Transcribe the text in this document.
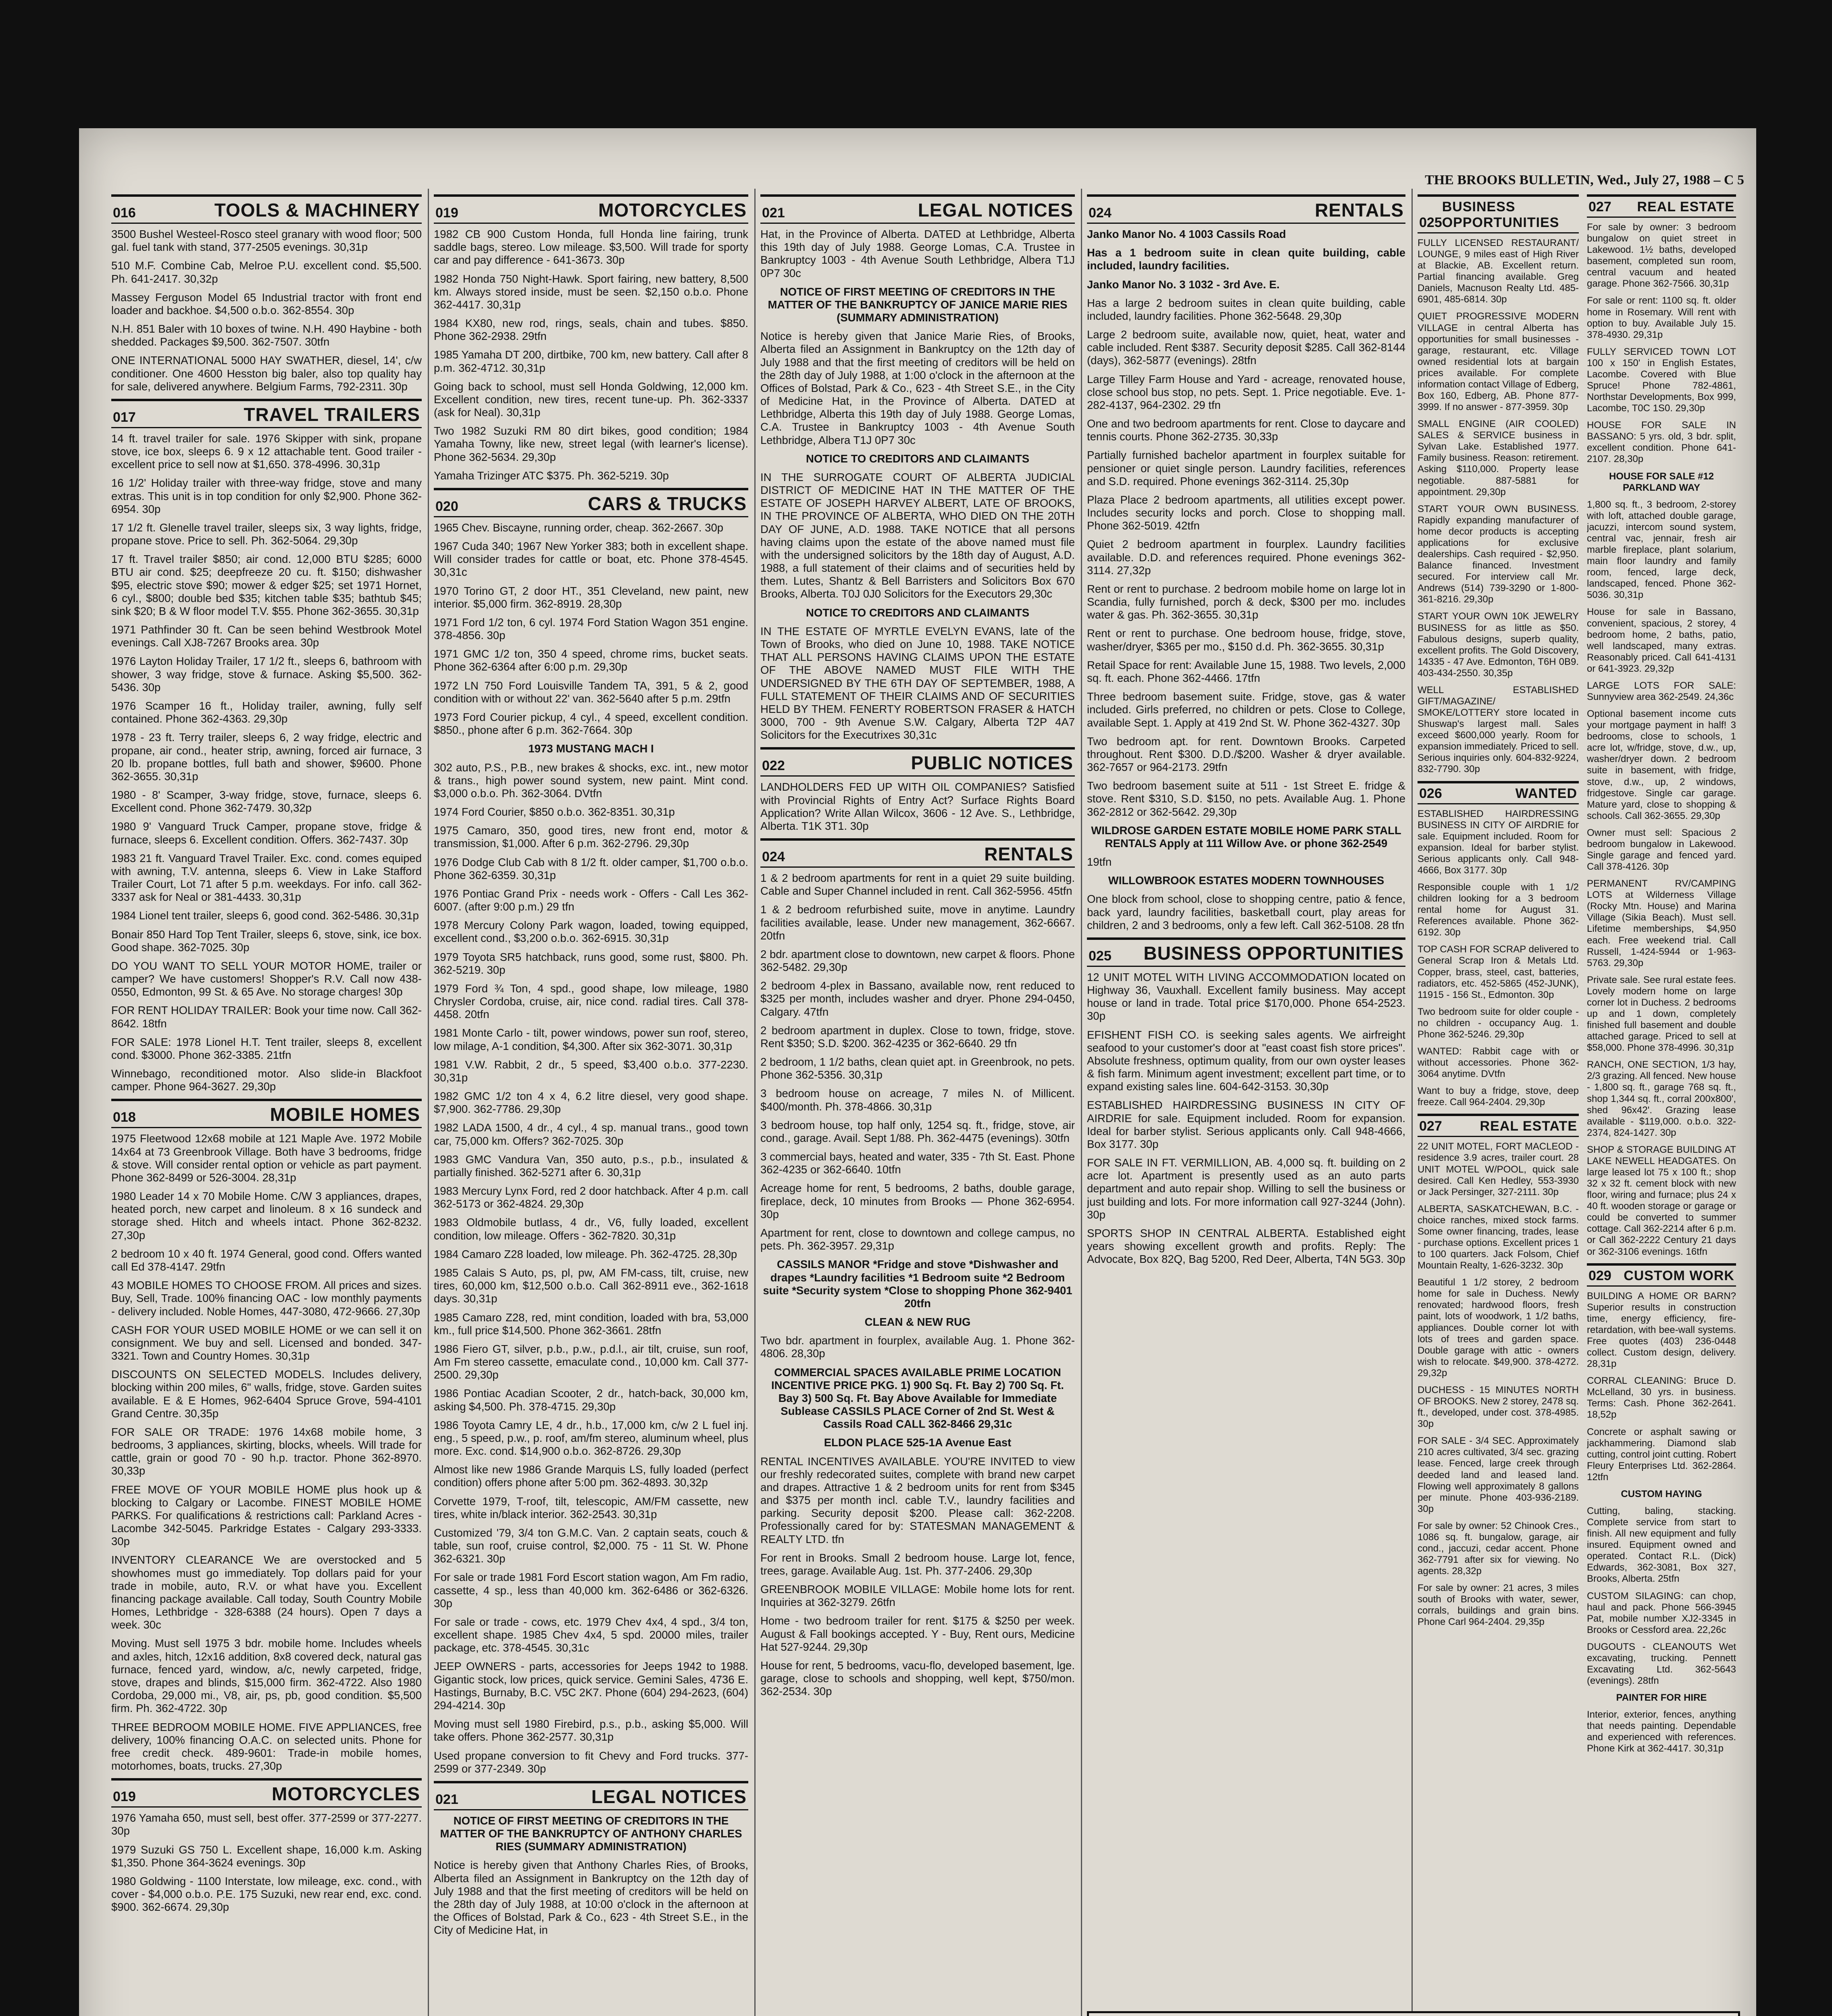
THE BROOKS BULLETIN, Wed., July 27, 1988 – C 5
016	TOOLS & MACHINERY

3500 Bushel Westeel-Rosco steel granary with wood floor; 500 gal. fuel tank with stand, 377-2505 evenings. 30,31p

510 M.F. Combine Cab, Melroe P.U. excellent cond. $5,500. Ph. 641-2417. 30,32p

Massey Ferguson Model 65 Industrial tractor with front end loader and backhoe. $4,500 o.b.o. 362-8554. 30p

N.H. 851 Baler with 10 boxes of twine. N.H. 490 Haybine - both shedded. Packages $9,500. 362-7507. 30tfn

ONE INTERNATIONAL 5000 HAY SWATHER, diesel, 14', c/w conditioner. One 4600 Hesston big baler, also top quality hay for sale, delivered anywhere. Belgium Farms, 792-2311. 30p

017	TRAVEL TRAILERS

14 ft. travel trailer for sale. 1976 Skipper with sink, propane stove, ice box, sleeps 6. 9 x 12 attachable tent. Good trailer - excellent price to sell now at $1,650. 378-4996. 30,31p

16 1/2' Holiday trailer with three-way fridge, stove and many extras. This unit is in top condition for only $2,900. Phone 362-6954. 30p

17 1/2 ft. Glenelle travel trailer, sleeps six, 3 way lights, fridge, propane stove. Price to sell. Ph. 362-5064. 29,30p

17 ft. Travel trailer $850; air cond. 12,000 BTU $285; 6000 BTU air cond. $25; deepfreeze 20 cu. ft. $150; dishwasher $95, electric stove $90; mower & edger $25; set 1971 Hornet, 6 cyl., $800; double bed $35; kitchen table $35; bathtub $45; sink $20; B & W floor model T.V. $55. Phone 362-3655. 30,31p

1971 Pathfinder 30 ft. Can be seen behind Westbrook Motel evenings. Call XJ8-7267 Brooks area. 30p

1976 Layton Holiday Trailer, 17 1/2 ft., sleeps 6, bathroom with shower, 3 way fridge, stove & furnace. Asking $5,500. 362-5436. 30p

1976 Scamper 16 ft., Holiday trailer, awning, fully self contained. Phone 362-4363. 29,30p

1978 - 23 ft. Terry trailer, sleeps 6, 2 way fridge, electric and propane, air cond., heater strip, awning, forced air furnace, 3 20 lb. propane bottles, full bath and shower, $9600. Phone 362-3655. 30,31p

1980 - 8' Scamper, 3-way fridge, stove, furnace, sleeps 6. Excellent cond. Phone 362-7479. 30,32p

1980 9' Vanguard Truck Camper, propane stove, fridge & furnace, sleeps 6. Excellent condition. Offers. 362-7437. 30p

1983 21 ft. Vanguard Travel Trailer. Exc. cond. comes equiped with awning, T.V. antenna, sleeps 6. View in Lake Stafford Trailer Court, Lot 71 after 5 p.m. weekdays. For info. call 362-3337 ask for Neal or 381-4433. 30,31p

1984 Lionel tent trailer, sleeps 6, good cond. 362-5486. 30,31p

Bonair 850 Hard Top Tent Trailer, sleeps 6, stove, sink, ice box. Good shape. 362-7025. 30p

DO YOU WANT TO SELL YOUR MOTOR HOME, trailer or camper? We have customers! Shopper's R.V. Call now 438-0550, Edmonton, 99 St. & 65 Ave. No storage charges! 30p

FOR RENT HOLIDAY TRAILER: Book your time now. Call 362-8642. 18tfn

FOR SALE: 1978 Lionel H.T. Tent trailer, sleeps 8, excellent cond. $3000. Phone 362-3385. 21tfn

Winnebago, reconditioned motor. Also slide-in Blackfoot camper. Phone 964-3627. 29,30p

018	MOBILE HOMES

1975 Fleetwood 12x68 mobile at 121 Maple Ave. 1972 Mobile 14x64 at 73 Greenbrook Village. Both have 3 bedrooms, fridge & stove. Will consider rental option or vehicle as part payment. Phone 362-8499 or 526-3004. 28,31p

1980 Leader 14 x 70 Mobile Home. C/W 3 appliances, drapes, heated porch, new carpet and linoleum. 8 x 16 sundeck and storage shed. Hitch and wheels intact. Phone 362-8232. 27,30p

2 bedroom 10 x 40 ft. 1974 General, good cond. Offers wanted call Ed 378-4147. 29tfn

43 MOBILE HOMES TO CHOOSE FROM. All prices and sizes. Buy, Sell, Trade. 100% financing OAC - low monthly payments - delivery included. Noble Homes, 447-3080, 472-9666. 27,30p

CASH FOR YOUR USED MOBILE HOME or we can sell it on consignment. We buy and sell. Licensed and bonded. 347-3321. Town and Country Homes. 30,31p

DISCOUNTS ON SELECTED MODELS. Includes delivery, blocking within 200 miles, 6" walls, fridge, stove. Garden suites available. E & E Homes, 962-6404 Spruce Grove, 594-4101 Grand Centre. 30,35p

FOR SALE OR TRADE: 1976 14x68 mobile home, 3 bedrooms, 3 appliances, skirting, blocks, wheels. Will trade for cattle, grain or good 70 - 90 h.p. tractor. Phone 362-8970. 30,33p

FREE MOVE OF YOUR MOBILE HOME plus hook up & blocking to Calgary or Lacombe. FINEST MOBILE HOME PARKS. For qualifications & restrictions call: Parkland Acres - Lacombe 342-5045. Parkridge Estates - Calgary 293-3333. 30p

INVENTORY CLEARANCE We are overstocked and 5 showhomes must go immediately. Top dollars paid for your trade in mobile, auto, R.V. or what have you. Excellent financing package available. Call today, South Country Mobile Homes, Lethbridge - 328-6388 (24 hours). Open 7 days a week. 30c

Moving. Must sell 1975 3 bdr. mobile home. Includes wheels and axles, hitch, 12x16 addition, 8x8 covered deck, natural gas furnace, fenced yard, window, a/c, newly carpeted, fridge, stove, drapes and blinds, $15,000 firm. 362-4722. Also 1980 Cordoba, 29,000 mi., V8, air, ps, pb, good condition. $5,500 firm. Ph. 362-4722. 30p

THREE BEDROOM MOBILE HOME. FIVE APPLIANCES, free delivery, 100% financing O.A.C. on selected units. Phone for free credit check. 489-9601: Trade-in mobile homes, motorhomes, boats, trucks. 27,30p

019	MOTORCYCLES

1976 Yamaha 650, must sell, best offer. 377-2599 or 377-2277. 30p

1979 Suzuki GS 750 L. Excellent shape, 16,000 k.m. Asking $1,350. Phone 364-3624 evenings. 30p

1980 Goldwing - 1100 Interstate, low mileage, exc. cond., with cover - $4,000 o.b.o. P.E. 175 Suzuki, new rear end, exc. cond. $900. 362-6674. 29,30p

019	MOTORCYCLES

1982 CB 900 Custom Honda, full Honda line fairing, trunk saddle bags, stereo. Low mileage. $3,500. Will trade for sporty car and pay difference - 641-3673. 30p

1982 Honda 750 Night-Hawk. Sport fairing, new battery, 8,500 km. Always stored inside, must be seen. $2,150 o.b.o. Phone 362-4417. 30,31p

1984 KX80, new rod, rings, seals, chain and tubes. $850. Phone 362-2938. 29tfn

1985 Yamaha DT 200, dirtbike, 700 km, new battery. Call after 8 p.m. 362-4712. 30,31p

Going back to school, must sell Honda Goldwing, 12,000 km. Excellent condition, new tires, recent tune-up. Ph. 362-3337 (ask for Neal). 30,31p

Two 1982 Suzuki RM 80 dirt bikes, good condition; 1984 Yamaha Towny, like new, street legal (with learner's license). Phone 362-5634. 29,30p

Yamaha Trizinger ATC $375. Ph. 362-5219. 30p

020	CARS & TRUCKS

1965 Chev. Biscayne, running order, cheap. 362-2667. 30p

1967 Cuda 340; 1967 New Yorker 383; both in excellent shape. Will consider trades for cattle or boat, etc. Phone 378-4545. 30,31c

1970 Torino GT, 2 door HT., 351 Cleveland, new paint, new interior. $5,000 firm. 362-8919. 28,30p

1971 Ford 1/2 ton, 6 cyl. 1974 Ford Station Wagon 351 engine. 378-4856. 30p

1971 GMC 1/2 ton, 350 4 speed, chrome rims, bucket seats. Phone 362-6364 after 6:00 p.m. 29,30p

1972 LN 750 Ford Louisville Tandem TA, 391, 5 & 2, good condition with or without 22' van. 362-5640 after 5 p.m. 29tfn

1973 Ford Courier pickup, 4 cyl., 4 speed, excellent condition. $850., phone after 6 p.m. 362-7664. 30p

1973 MUSTANG MACH I

302 auto, P.S., P.B., new brakes & shocks, exc. int., new motor & trans., high power sound system, new paint. Mint cond. $3,000 o.b.o. Ph. 362-3064. DVtfn

1974 Ford Courier, $850 o.b.o. 362-8351. 30,31p

1975 Camaro, 350, good tires, new front end, motor & transmission, $1,000. After 6 p.m. 362-2796. 29,30p

1976 Dodge Club Cab with 8 1/2 ft. older camper, $1,700 o.b.o. Phone 362-6359. 30,31p

1976 Pontiac Grand Prix - needs work - Offers - Call Les 362-6007. (after 9:00 p.m.) 29 tfn

1978 Mercury Colony Park wagon, loaded, towing equipped, excellent cond., $3,200 o.b.o. 362-6915. 30,31p

1979 Toyota SR5 hatchback, runs good, some rust, $800. Ph. 362-5219. 30p

1979 Ford ¾ Ton, 4 spd., good shape, low mileage, 1980 Chrysler Cordoba, cruise, air, nice cond. radial tires. Call 378-4458. 20tfn

1981 Monte Carlo - tilt, power windows, power sun roof, stereo, low milage, A-1 condition, $4,300. After six 362-3071. 30,31p

1981 V.W. Rabbit, 2 dr., 5 speed, $3,400 o.b.o. 377-2230. 30,31p

1982 GMC 1/2 ton 4 x 4, 6.2 litre diesel, very good shape. $7,900. 362-7786. 29,30p

1982 LADA 1500, 4 dr., 4 cyl., 4 sp. manual trans., good town car, 75,000 km. Offers? 362-7025. 30p

1983 GMC Vandura Van, 350 auto, p.s., p.b., insulated & partially finished. 362-5271 after 6. 30,31p

1983 Mercury Lynx Ford, red 2 door hatchback. After 4 p.m. call 362-5173 or 362-4824. 29,30p

1983 Oldmobile butlass, 4 dr., V6, fully loaded, excellent condition, low mileage. Offers - 362-7820. 30,31p

1984 Camaro Z28 loaded, low mileage. Ph. 362-4725. 28,30p

1985 Calais S Auto, ps, pl, pw, AM FM-cass, tilt, cruise, new tires, 60,000 km, $12,500 o.b.o. Call 362-8911 eve., 362-1618 days. 30,31p

1985 Camaro Z28, red, mint condition, loaded with bra, 53,000 km., full price $14,500. Phone 362-3661. 28tfn

1986 Fiero GT, silver, p.b., p.w., p.d.l., air tilt, cruise, sun roof, Am Fm stereo cassette, emaculate cond., 10,000 km. Call 377-2500. 29,30p

1986 Pontiac Acadian Scooter, 2 dr., hatch-back, 30,000 km, asking $4,500. Ph. 378-4715. 29,30p

1986 Toyota Camry LE, 4 dr., h.b., 17,000 km, c/w 2 L fuel inj. eng., 5 speed, p.w., p. roof, am/fm stereo, aluminum wheel, plus more. Exc. cond. $14,900 o.b.o. 362-8726. 29,30p

Almost like new 1986 Grande Marquis LS, fully loaded (perfect condition) offers phone after 5:00 pm. 362-4893. 30,32p

Corvette 1979, T-roof, tilt, telescopic, AM/FM cassette, new tires, white in/black interior. 362-2543. 30,31p

Customized '79, 3/4 ton G.M.C. Van. 2 captain seats, couch & table, sun roof, cruise control, $2,000. 75 - 11 St. W. Phone 362-6321. 30p

For sale or trade 1981 Ford Escort station wagon, Am Fm radio, cassette, 4 sp., less than 40,000 km. 362-6486 or 362-6326. 30p

For sale or trade - cows, etc. 1979 Chev 4x4, 4 spd., 3/4 ton, excellent shape. 1985 Chev 4x4, 5 spd. 20000 miles, trailer package, etc. 378-4545. 30,31c

JEEP OWNERS - parts, accessories for Jeeps 1942 to 1988. Gigantic stock, low prices, quick service. Gemini Sales, 4736 E. Hastings, Burnaby, B.C. V5C 2K7. Phone (604) 294-2623, (604) 294-4214. 30p

Moving must sell 1980 Firebird, p.s., p.b., asking $5,000. Will take offers. Phone 362-2577. 30,31p

Used propane conversion to fit Chevy and Ford trucks. 377-2599 or 377-2349. 30p

021	LEGAL NOTICES

NOTICE OF FIRST MEETING OF CREDITORS IN THE MATTER OF THE BANKRUPTCY OF ANTHONY CHARLES RIES (SUMMARY ADMINISTRATION)

Notice is hereby given that Anthony Charles Ries, of Brooks, Alberta filed an Assignment in Bankruptcy on the 12th day of July 1988 and that the first meeting of creditors will be held on the 28th day of July 1988, at 10:00 o'clock in the afternoon at the Offices of Bolstad, Park & Co., 623 - 4th Street S.E., in the City of Medicine Hat, in

021	LEGAL NOTICES

Hat, in the Province of Alberta. DATED at Lethbridge, Alberta this 19th day of July 1988. George Lomas, C.A. Trustee in Bankruptcy 1003 - 4th Avenue South Lethbridge, Albera T1J 0P7 30c

NOTICE OF FIRST MEETING OF CREDITORS IN THE MATTER OF THE BANKRUPTCY OF JANICE MARIE RIES (SUMMARY ADMINISTRATION)

Notice is hereby given that Janice Marie Ries, of Brooks, Alberta filed an Assignment in Bankruptcy on the 12th day of July 1988 and that the first meeting of creditors will be held on the 28th day of July 1988, at 1:00 o'clock in the afternoon at the Offices of Bolstad, Park & Co., 623 - 4th Street S.E., in the City of Medicine Hat, in the Province of Alberta. DATED at Lethbridge, Alberta this 19th day of July 1988. George Lomas, C.A. Trustee in Bankruptcy 1003 - 4th Avenue South Lethbridge, Albera T1J 0P7 30c

NOTICE TO CREDITORS AND CLAIMANTS

IN THE SURROGATE COURT OF ALBERTA JUDICIAL DISTRICT OF MEDICINE HAT IN THE MATTER OF THE ESTATE OF JOSEPH HARVEY ALBERT, LATE OF BROOKS, IN THE PROVINCE OF ALBERTA, WHO DIED ON THE 20TH DAY OF JUNE, A.D. 1988. TAKE NOTICE that all persons having claims upon the estate of the above named must file with the undersigned solicitors by the 18th day of August, A.D. 1988, a full statement of their claims and of securities held by them. Lutes, Shantz & Bell Barristers and Solicitors Box 670 Brooks, Alberta. T0J 0J0 Solicitors for the Executors 29,30c

NOTICE TO CREDITORS AND CLAIMANTS

IN THE ESTATE OF MYRTLE EVELYN EVANS, late of the Town of Brooks, who died on June 10, 1988. TAKE NOTICE THAT ALL PERSONS HAVING CLAIMS UPON THE ESTATE OF THE ABOVE NAMED MUST FILE WITH THE UNDERSIGNED BY THE 6TH DAY OF SEPTEMBER, 1988, A FULL STATEMENT OF THEIR CLAIMS AND OF SECURITIES HELD BY THEM. FENERTY ROBERTSON FRASER & HATCH 3000, 700 - 9th Avenue S.W. Calgary, Alberta T2P 4A7 Solicitors for the Executrixes 30,31c

022	PUBLIC NOTICES

LANDHOLDERS FED UP WITH OIL COMPANIES? Satisfied with Provincial Rights of Entry Act? Surface Rights Board Application? Write Allan Wilcox, 3606 - 12 Ave. S., Lethbridge, Alberta. T1K 3T1. 30p

024	RENTALS

1 & 2 bedroom apartments for rent in a quiet 29 suite building. Cable and Super Channel included in rent. Call 362-5956. 45tfn

1 & 2 bedroom refurbished suite, move in anytime. Laundry facilities available, lease. Under new management, 362-6667. 20tfn

2 bdr. apartment close to downtown, new carpet & floors. Phone 362-5482. 29,30p

2 bedroom 4-plex in Bassano, available now, rent reduced to $325 per month, includes washer and dryer. Phone 294-0450, Calgary. 47tfn

2 bedroom apartment in duplex. Close to town, fridge, stove. Rent $350; S.D. $200. 362-4235 or 362-6640. 29 tfn

2 bedroom, 1 1/2 baths, clean quiet apt. in Greenbrook, no pets. Phone 362-5356. 30,31p

3 bedroom house on acreage, 7 miles N. of Millicent. $400/month. Ph. 378-4866. 30,31p

3 bedroom house, top half only, 1254 sq. ft., fridge, stove, air cond., garage. Avail. Sept 1/88. Ph. 362-4475 (evenings). 30tfn

3 commercial bays, heated and water, 335 - 7th St. East. Phone 362-4235 or 362-6640. 10tfn

Acreage home for rent, 5 bedrooms, 2 baths, double garage, fireplace, deck, 10 minutes from Brooks — Phone 362-6954. 30p

Apartment for rent, close to downtown and college campus, no pets. Ph. 362-3957. 29,31p

CASSILS MANOR *Fridge and stove *Dishwasher and drapes *Laundry facilities *1 Bedroom suite *2 Bedroom suite *Security system *Close to shopping Phone 362-9401 20tfn

CLEAN & NEW RUG

Two bdr. apartment in fourplex, available Aug. 1. Phone 362-4806. 28,30p

COMMERCIAL SPACES AVAILABLE PRIME LOCATION INCENTIVE PRICE PKG. 1) 900 Sq. Ft. Bay 2) 700 Sq. Ft. Bay 3) 500 Sq. Ft. Bay Above Available for Immediate Sublease CASSILS PLACE Corner of 2nd St. West & Cassils Road CALL 362-8466 29,31c

ELDON PLACE 525-1A Avenue East

RENTAL INCENTIVES AVAILABLE. YOU'RE INVITED to view our freshly redecorated suites, complete with brand new carpet and drapes. Attractive 1 & 2 bedroom units for rent from $345 and $375 per month incl. cable T.V., laundry facilities and parking. Security deposit $200. Please call: 362-2208. Professionally cared for by: STATESMAN MANAGEMENT & REALTY LTD. tfn

For rent in Brooks. Small 2 bedroom house. Large lot, fence, trees, garage. Available Aug. 1st. Ph. 377-2406. 29,30p

GREENBROOK MOBILE VILLAGE: Mobile home lots for rent. Inquiries at 362-3279. 26tfn

Home - two bedroom trailer for rent. $175 & $250 per week. August & Fall bookings accepted. Y - Buy, Rent ours, Medicine Hat 527-9244. 29,30p

House for rent, 5 bedrooms, vacu-flo, developed basement, lge. garage, close to schools and shopping, well kept, $750/mon. 362-2534. 30p

024	RENTALS

Janko Manor No. 4 1003 Cassils Road

Has a 1 bedroom suite in clean quite building, cable included, laundry facilities.

Janko Manor No. 3 1032 - 3rd Ave. E.

Has a large 2 bedroom suites in clean quite building, cable included, laundry facilities. Phone 362-5648. 29,30p

Large 2 bedroom suite, available now, quiet, heat, water and cable included. Rent $387. Security deposit $285. Call 362-8144 (days), 362-5877 (evenings). 28tfn

Large Tilley Farm House and Yard - acreage, renovated house, close school bus stop, no pets. Sept. 1. Price negotiable. Eve. 1-282-4137, 964-2302. 29 tfn

One and two bedroom apartments for rent. Close to daycare and tennis courts. Phone 362-2735. 30,33p

Partially furnished bachelor apartment in fourplex suitable for pensioner or quiet single person. Laundry facilities, references and S.D. required. Phone evenings 362-3114. 25,30p

Plaza Place 2 bedroom apartments, all utilities except power. Includes security locks and porch. Close to shopping mall. Phone 362-5019. 42tfn

Quiet 2 bedroom apartment in fourplex. Laundry facilities available. D.D. and references required. Phone evenings 362-3114. 27,32p

Rent or rent to purchase. 2 bedroom mobile home on large lot in Scandia, fully furnished, porch & deck, $300 per mo. includes water & gas. Ph. 362-3655. 30,31p

Rent or rent to purchase. One bedroom house, fridge, stove, washer/dryer, $365 per mo., $150 d.d. Ph. 362-3655. 30,31p

Retail Space for rent: Available June 15, 1988. Two levels, 2,000 sq. ft. each. Phone 362-4466. 17tfn

Three bedroom basement suite. Fridge, stove, gas & water included. Girls preferred, no children or pets. Close to College, available Sept. 1. Apply at 419 2nd St. W. Phone 362-4327. 30p

Two bedroom apt. for rent. Downtown Brooks. Carpeted throughout. Rent $300. D.D./$200. Washer & dryer available. 362-7657 or 964-2173. 29tfn

Two bedroom basement suite at 511 - 1st Street E. fridge & stove. Rent $310, S.D. $150, no pets. Available Aug. 1. Phone 362-2812 or 362-5642. 29,30p

WILDROSE GARDEN ESTATE MOBILE HOME PARK STALL RENTALS Apply at 111 Willow Ave. or phone 362-2549

19tfn

WILLOWBROOK ESTATES MODERN TOWNHOUSES

One block from school, close to shopping centre, patio & fence, back yard, laundry facilities, basketball court, play areas for children, 2 and 3 bedrooms, only a few left. Call 362-5108. 28 tfn

025 BUSINESS OPPORTUNITIES

12 UNIT MOTEL WITH LIVING ACCOMMODATION located on Highway 36, Vauxhall. Excellent family business. May accept house or land in trade. Total price $170,000. Phone 654-2523. 30p

EFISHENT FISH CO. is seeking sales agents. We airfreight seafood to your customer's door at "east coast fish store prices". Absolute freshness, optimum quality, from our own oyster leases & fish farm. Minimum agent investment; excellent part time, or to expand existing sales line. 604-642-3153. 30,30p

ESTABLISHED HAIRDRESSING BUSINESS IN CITY OF AIRDRIE for sale. Equipment included. Room for expansion. Ideal for barber stylist. Serious applicants only. Call 948-4666, Box 3177. 30p

FOR SALE IN FT. VERMILLION, AB. 4,000 sq. ft. building on 2 acre lot. Apartment is presently used as an auto parts department and auto repair shop. Willing to sell the business or just building and lots. For more information call 927-3244 (John). 30p

SPORTS SHOP IN CENTRAL ALBERTA. Established eight years showing excellent growth and profits. Reply: The Advocate, Box 82Q, Bag 5200, Red Deer, Alberta, T4N 5G3. 30p

025
BUSINESS OPPORTUNITIES

FULLY LICENSED RESTAURANT/ LOUNGE, 9 miles east of High River at Blackie, AB. Excellent return. Partial financing available. Greg Daniels, Macnuson Realty Ltd. 485-6901, 485-6814. 30p

QUIET PROGRESSIVE MODERN VILLAGE in central Alberta has opportunities for small businesses - garage, restaurant, etc. Village owned residential lots at bargain prices available. For complete information contact Village of Edberg, Box 160, Edberg, AB. Phone 877-3999. If no answer - 877-3959. 30p

SMALL ENGINE (AIR COOLED) SALES & SERVICE business in Sylvan Lake. Established 1977. Family business. Reason: retirement. Asking $110,000. Property lease negotiable. 887-5881 for appointment. 29,30p

START YOUR OWN BUSINESS. Rapidly expanding manufacturer of home decor products is accepting applications for exclusive dealerships. Cash required - $2,950. Balance financed. Investment secured. For interview call Mr. Andrews (514) 739-3290 or 1-800-361-8216. 29,30p

START YOUR OWN 10K JEWELRY BUSINESS for as little as $50. Fabulous designs, superb quality, excellent profits. The Gold Discovery, 14335 - 47 Ave. Edmonton, T6H 0B9. 403-434-2550. 30,35p

WELL ESTABLISHED GIFT/MAGAZINE/ SMOKE/LOTTERY store located in Shuswap's largest mall. Sales exceed $600,000 yearly. Room for expansion immediately. Priced to sell. Serious inquiries only. 604-832-9224, 832-7790. 30p

026	WANTED

ESTABLISHED HAIRDRESSING BUSINESS IN CITY OF AIRDRIE for sale. Equipment included. Room for expansion. Ideal for barber stylist. Serious applicants only. Call 948-4666, Box 3177. 30p

Responsible couple with 1 1/2 children looking for a 3 bedroom rental home for August 31. References available. Phone 362-6192. 30p

TOP CASH FOR SCRAP delivered to General Scrap Iron & Metals Ltd. Copper, brass, steel, cast, batteries, radiators, etc. 452-5865 (452-JUNK), 11915 - 156 St., Edmonton. 30p

Two bedroom suite for older couple - no children - occupancy Aug. 1. Phone 362-5246. 29,30p

WANTED: Rabbit cage with or without accessories. Phone 362-3064 anytime. DVtfn

Want to buy a fridge, stove, deep freeze. Call 964-2404. 29,30p

027	REAL ESTATE

22 UNIT MOTEL, FORT MACLEOD - residence 3.9 acres, trailer court. 28 UNIT MOTEL W/POOL, quick sale desired. Call Ken Hedley, 553-3930 or Jack Persinger, 327-2111. 30p

ALBERTA, SASKATCHEWAN, B.C. - choice ranches, mixed stock farms. Some owner financing, trades, lease - purchase options. Excellent prices 1 to 100 quarters. Jack Folsom, Chief Mountain Realty, 1-626-3232. 30p

Beautiful 1 1/2 storey, 2 bedroom home for sale in Duchess. Newly renovated; hardwood floors, fresh paint, lots of woodwork, 1 1/2 baths, appliances. Double corner lot with lots of trees and garden space. Double garage with attic - owners wish to relocate. $49,900. 378-4272. 29,32p

DUCHESS - 15 MINUTES NORTH OF BROOKS. New 2 storey, 2478 sq. ft., developed, under cost. 378-4985. 30p

FOR SALE - 3/4 SEC. Approximately 210 acres cultivated, 3/4 sec. grazing lease. Fenced, large creek through deeded land and leased land. Flowing well approximately 8 gallons per minute. Phone 403-936-2189. 30p

For sale by owner: 52 Chinook Cres., 1086 sq. ft. bungalow, garage, air cond., jaccuzi, cedar accent. Phone 362-7791 after six for viewing. No agents. 28,32p

For sale by owner: 21 acres, 3 miles south of Brooks with water, sewer, corrals, buildings and grain bins. Phone Carl 964-2404. 29,35p

027 REAL ESTATE

For sale by owner: 3 bedroom bungalow on quiet street in Lakewood. 1½ baths, developed basement, completed sun room, central vacuum and heated garage. Phone 362-7566. 30,31p

For sale or rent: 1100 sq. ft. older home in Rosemary. Will rent with option to buy. Available July 15. 378-4930. 29,31p

FULLY SERVICED TOWN LOT 100 x 150' in English Estates, Lacombe. Covered with Blue Spruce! Phone 782-4861, Northstar Developments, Box 999, Lacombe, T0C 1S0. 29,30p

HOUSE FOR SALE IN BASSANO: 5 yrs. old, 3 bdr. split, excellent condition. Phone 641-2107. 28,30p

HOUSE FOR SALE #12 PARKLAND WAY

1,800 sq. ft., 3 bedroom, 2-storey with loft, attached double garage, jacuzzi, intercom sound system, central vac, jennair, fresh air marble fireplace, plant solarium, main floor laundry and family room, fenced, large deck, landscaped, fenced. Phone 362-5036. 30,31p

House for sale in Bassano, convenient, spacious, 2 storey, 4 bedroom home, 2 baths, patio, well landscaped, many extras. Reasonably priced. Call 641-4131 or 641-3923. 29,32p

LARGE LOTS FOR SALE: Sunnyview area 362-2549. 24,36c

Optional basement income cuts your mortgage payment in half! 3 bedrooms, close to schools, 1 acre lot, w/fridge, stove, d.w., up, washer/dryer down. 2 bedroom suite in basement, with fridge, stove, d.w., up, 2 windows, fridgestove. Single car garage. Mature yard, close to shopping & schools. Call 362-3655. 29,30p

Owner must sell: Spacious 2 bedroom bungalow in Lakewood. Single garage and fenced yard. Call 378-4126. 30p

PERMANENT RV/CAMPING LOTS at Wilderness Village (Rocky Mtn. House) and Marina Village (Sikia Beach). Must sell. Lifetime memberships, $4,950 each. Free weekend trial. Call Russell, 1-424-5944 or 1-963-5763. 29,30p

Private sale. See rural estate fees. Lovely modern home on large corner lot in Duchess. 2 bedrooms up and 1 down, completely finished full basement and double attached garage. Priced to sell at $58,000. Phone 378-4996. 30,31p

RANCH, ONE SECTION, 1/3 hay, 2/3 grazing. All fenced. New house - 1,800 sq. ft., garage 768 sq. ft., shop 1,344 sq. ft., corral 200x800', shed 96x42'. Grazing lease available - $119,000. o.b.o. 322-2374, 824-1427. 30p

SHOP & STORAGE BUILDING AT LAKE NEWELL HEADGATES. On large leased lot 75 x 100 ft.; shop 32 x 32 ft. cement block with new floor, wiring and furnace; plus 24 x 40 ft. wooden storage or garage or could be converted to summer cottage. Call 362-2214 after 6 p.m. or Call 362-2222 Century 21 days or 362-3106 evenings. 16tfn

029 CUSTOM WORK

BUILDING A HOME OR BARN? Superior results in construction time, energy efficiency, fire-retardation, with bee-wall systems. Free quotes (403) 236-0448 collect. Custom design, delivery. 28,31p

CORRAL CLEANING: Bruce D. McLelland, 30 yrs. in business. Terms: Cash. Phone 362-2641. 18,52p

Concrete or asphalt sawing or jackhammering. Diamond slab cutting, control joint cutting. Robert Fleury Enterprises Ltd. 362-2864. 12tfn

CUSTOM HAYING

Cutting, baling, stacking. Complete service from start to finish. All new equipment and fully insured. Equipment owned and operated. Contact R.L. (Dick) Edwards, 362-3081, Box 327, Brooks, Alberta. 25tfn

CUSTOM SILAGING: can chop, haul and pack. Phone 566-3945 Pat, mobile number XJ2-3345 in Brooks or Cessford area. 22,26c

DUGOUTS - CLEANOUTS Wet excavating, trucking. Pennett Excavating Ltd. 362-5643 (evenings). 28tfn

PAINTER FOR HIRE

Interior, exterior, fences, anything that needs painting. Dependable and experienced with references. Phone Kirk at 362-4417. 30,31p
